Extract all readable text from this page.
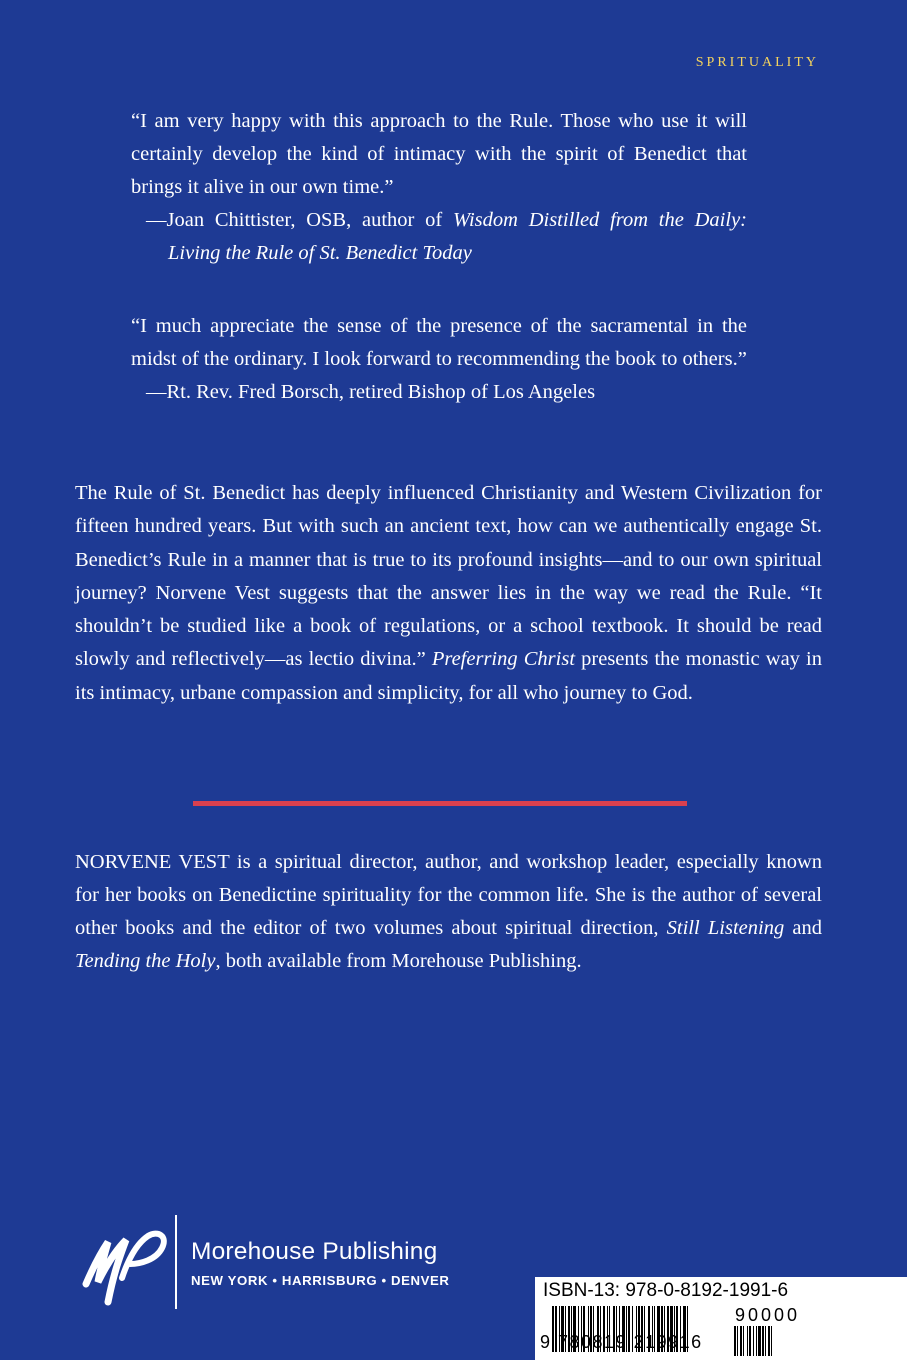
SPRITUALITY

“I am very happy with this approach to the Rule. Those who use it will certainly develop the kind of intimacy with the spirit of Benedict that brings it alive in our own time.”

—Joan Chittister, OSB, author of Wisdom Distilled from the Daily: Living the Rule of St. Benedict Today

“I much appreciate the sense of the presence of the sacramental in the midst of the ordinary. I look forward to recommending the book to others.”

—Rt. Rev. Fred Borsch, retired Bishop of Los Angeles

The Rule of St. Benedict has deeply influenced Christianity and Western Civilization for fifteen hundred years. But with such an ancient text, how can we authentically engage St. Benedict’s Rule in a manner that is true to its profound insights—and to our own spiritual journey? Norvene Vest suggests that the answer lies in the way we read the Rule. “It shouldn’t be studied like a book of regulations, or a school textbook. It should be read slowly and reflectively—as lectio divina.” Preferring Christ presents the monastic way in its intimacy, urbane compassion and simplicity, for all who journey to God.

NORVENE VEST is a spiritual director, author, and workshop leader, especially known for her books on Benedictine spirituality for the common life. She is the author of several other books and the editor of two volumes about spiritual direction, Still Listening and Tending the Holy, both available from Morehouse Publishing.

Morehouse Publishing
NEW YORK • HARRISBURG • DENVER	ISBN-13: 978-0-8192-1991-6
90000
9 780819 219916
